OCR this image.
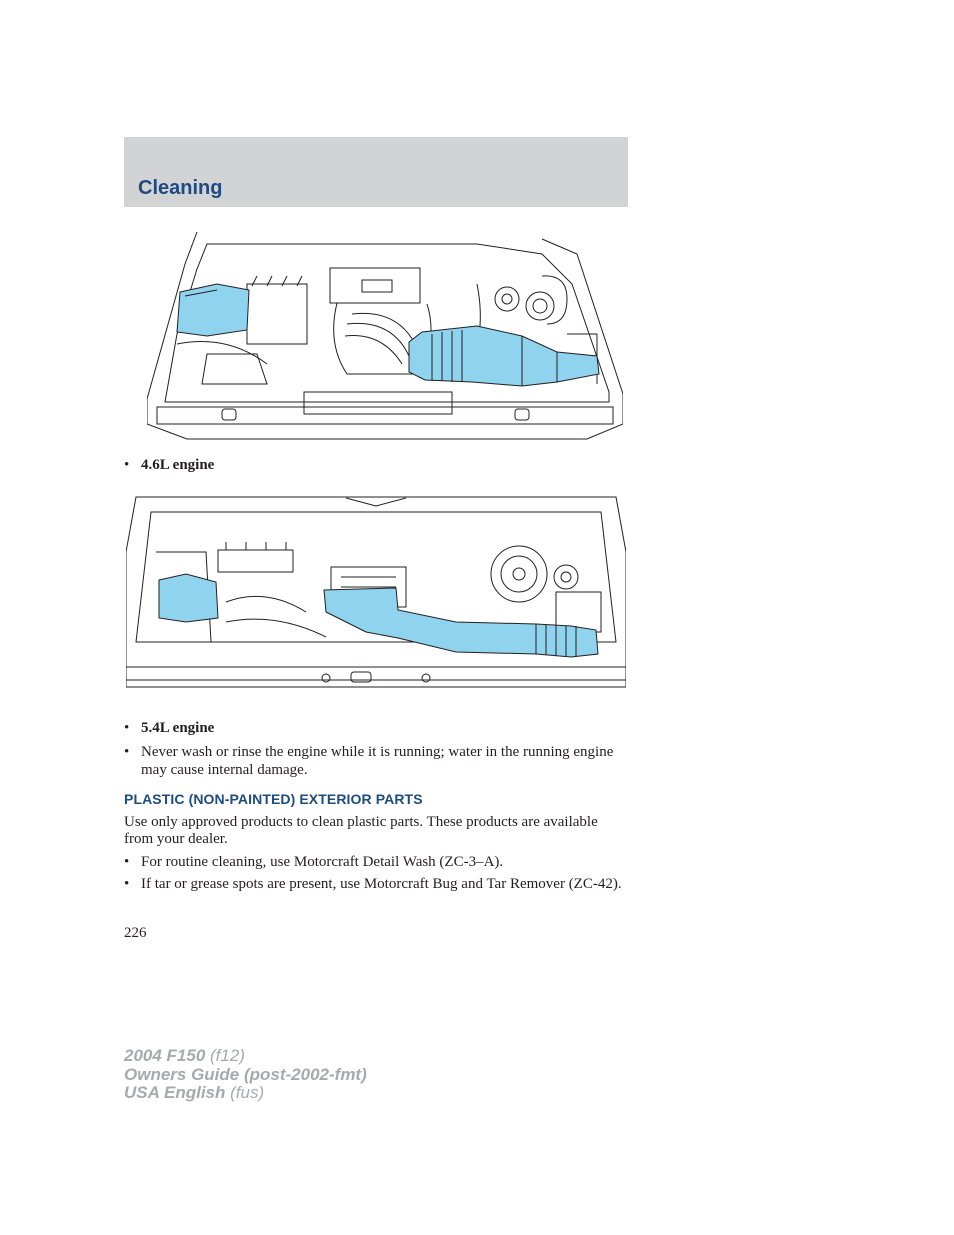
Cleaning
• 4.6L engine
• 5.4L engine
• Never wash or rinse the engine while it is running; water in the running engine may cause internal damage.
PLASTIC (NON-PAINTED) EXTERIOR PARTS
Use only approved products to clean plastic parts. These products are available from your dealer.
• For routine cleaning, use Motorcraft Detail Wash (ZC-3–A).
• If tar or grease spots are present, use Motorcraft Bug and Tar Remover (ZC-42).
226
2004 F150 (f12)
Owners Guide (post-2002-fmt)
USA English (fus)
